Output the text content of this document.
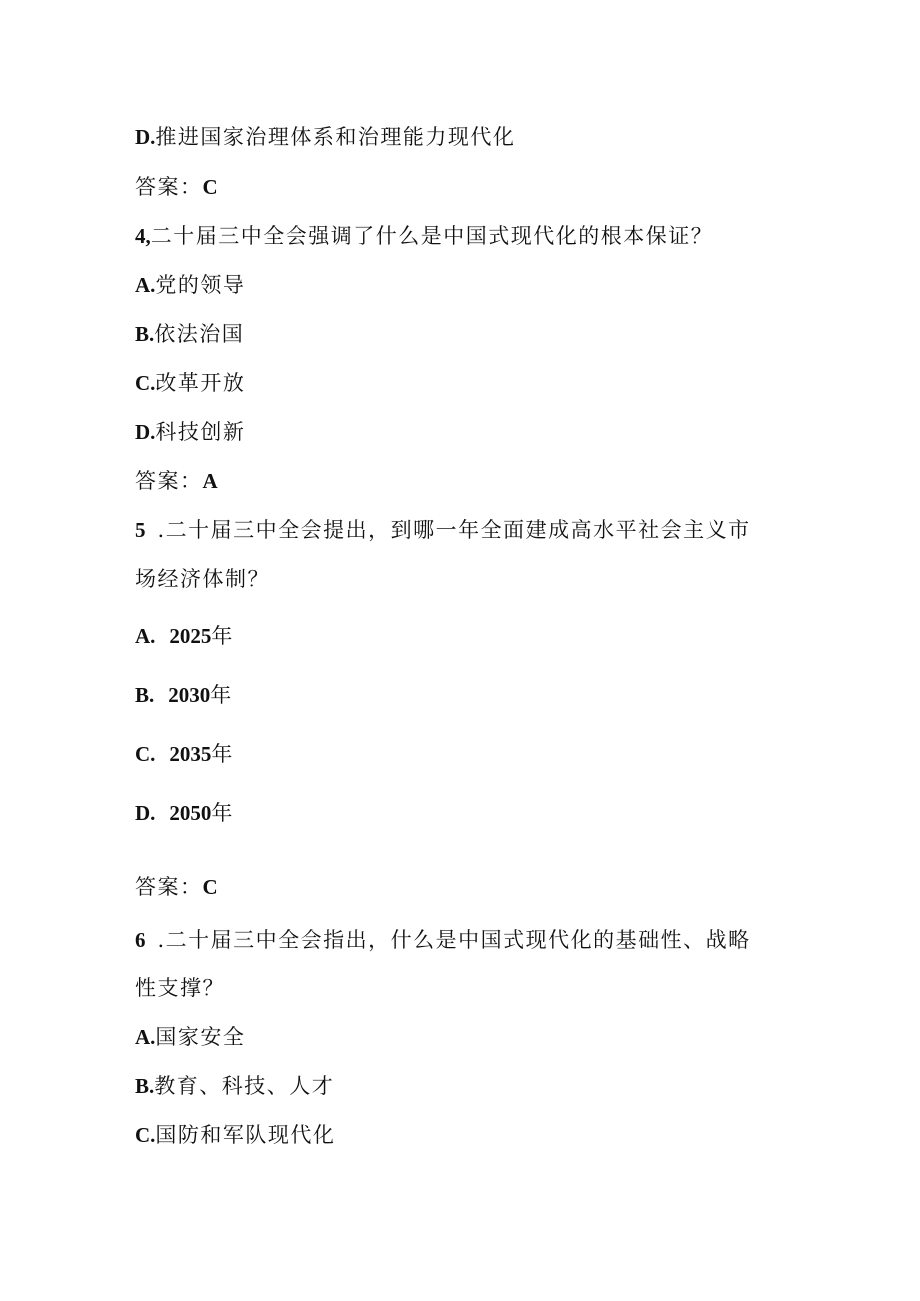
D.推进国家治理体系和治理能力现代化
答案：C
4,二十届三中全会强调了什么是中国式现代化的根本保证？
A.党的领导
B.依法治国
C.改革开放
D.科技创新
答案：A
5 .二十届三中全会提出，到哪一年全面建成高水平社会主义市
场经济体制？
A. 2025年
B. 2030年
C. 2035年
D. 2050年
答案：C
6 .二十届三中全会指出，什么是中国式现代化的基础性、战略
性支撑？
A.国家安全
B.教育、科技、人才
C.国防和军队现代化
